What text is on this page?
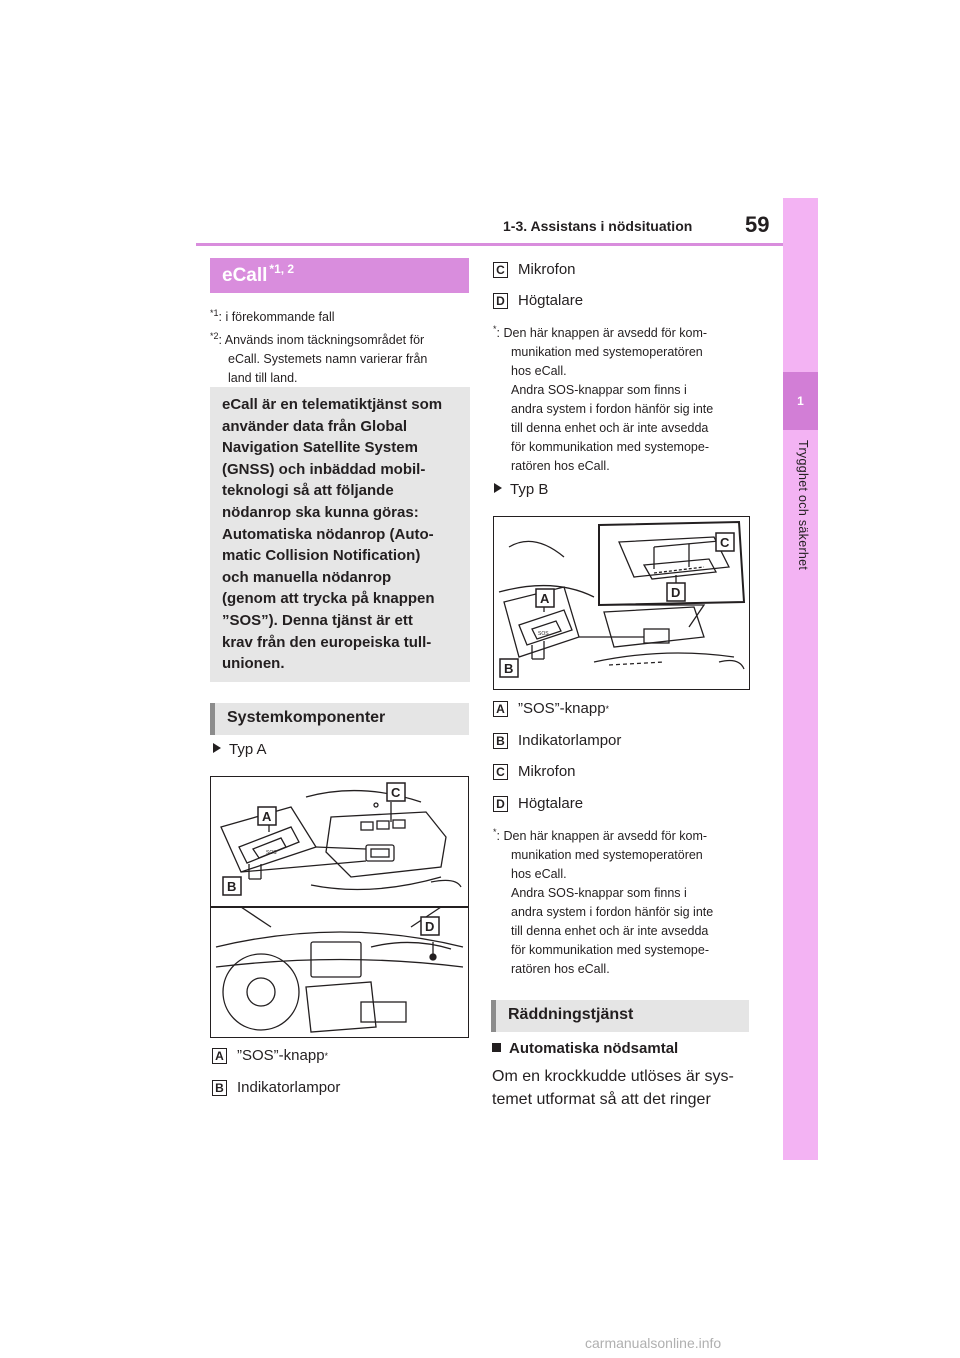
1-3. Assistans i nödsituation 59
1
Trygghet och säkerhet
eCall $^{*1, 2}$
$^{*1}$: i förekommande fall
$^{*2}$: Används inom täckningsområdet för
eCall. Systemets namn varierar från
land till land.
eCall är en telematiktjänst som
använder data från Global
Navigation Satellite System
(GNSS) och inbäddad mobil-
teknologi så att följande
nödanrop ska kunna göras:
Automatiska nödanrop (Auto-
matic Collision Notification)
och manuella nödanrop
(genom att trycka på knappen
”SOS”). Denna tjänst är ett
krav från den europeiska tull-
unionen.
Systemkomponenter
Typ A
SOS
A
B
C
D
A ”SOS”-knapp *
B Indikatorlampor
C Mikrofon
D Högtalare
*: Den här knappen är avsedd för kom-
munikation med systemoperatören
hos eCall.
Andra SOS-knappar som finns i
andra system i fordon hänför sig inte
till denna enhet och är inte avsedda
för kommunikation med systemope-
ratören hos eCall.
Typ B
SOS
A
B
C
D
A ”SOS”-knapp *
B Indikatorlampor
C Mikrofon
D Högtalare
*: Den här knappen är avsedd för kom-
munikation med systemoperatören
hos eCall.
Andra SOS-knappar som finns i
andra system i fordon hänför sig inte
till denna enhet och är inte avsedda
för kommunikation med systemope-
ratören hos eCall.
Räddningstjänst
Automatiska nödsamtal
Om en krockkudde utlöses är sys-
temet utformat så att det ringer
carmanualsonline.info
